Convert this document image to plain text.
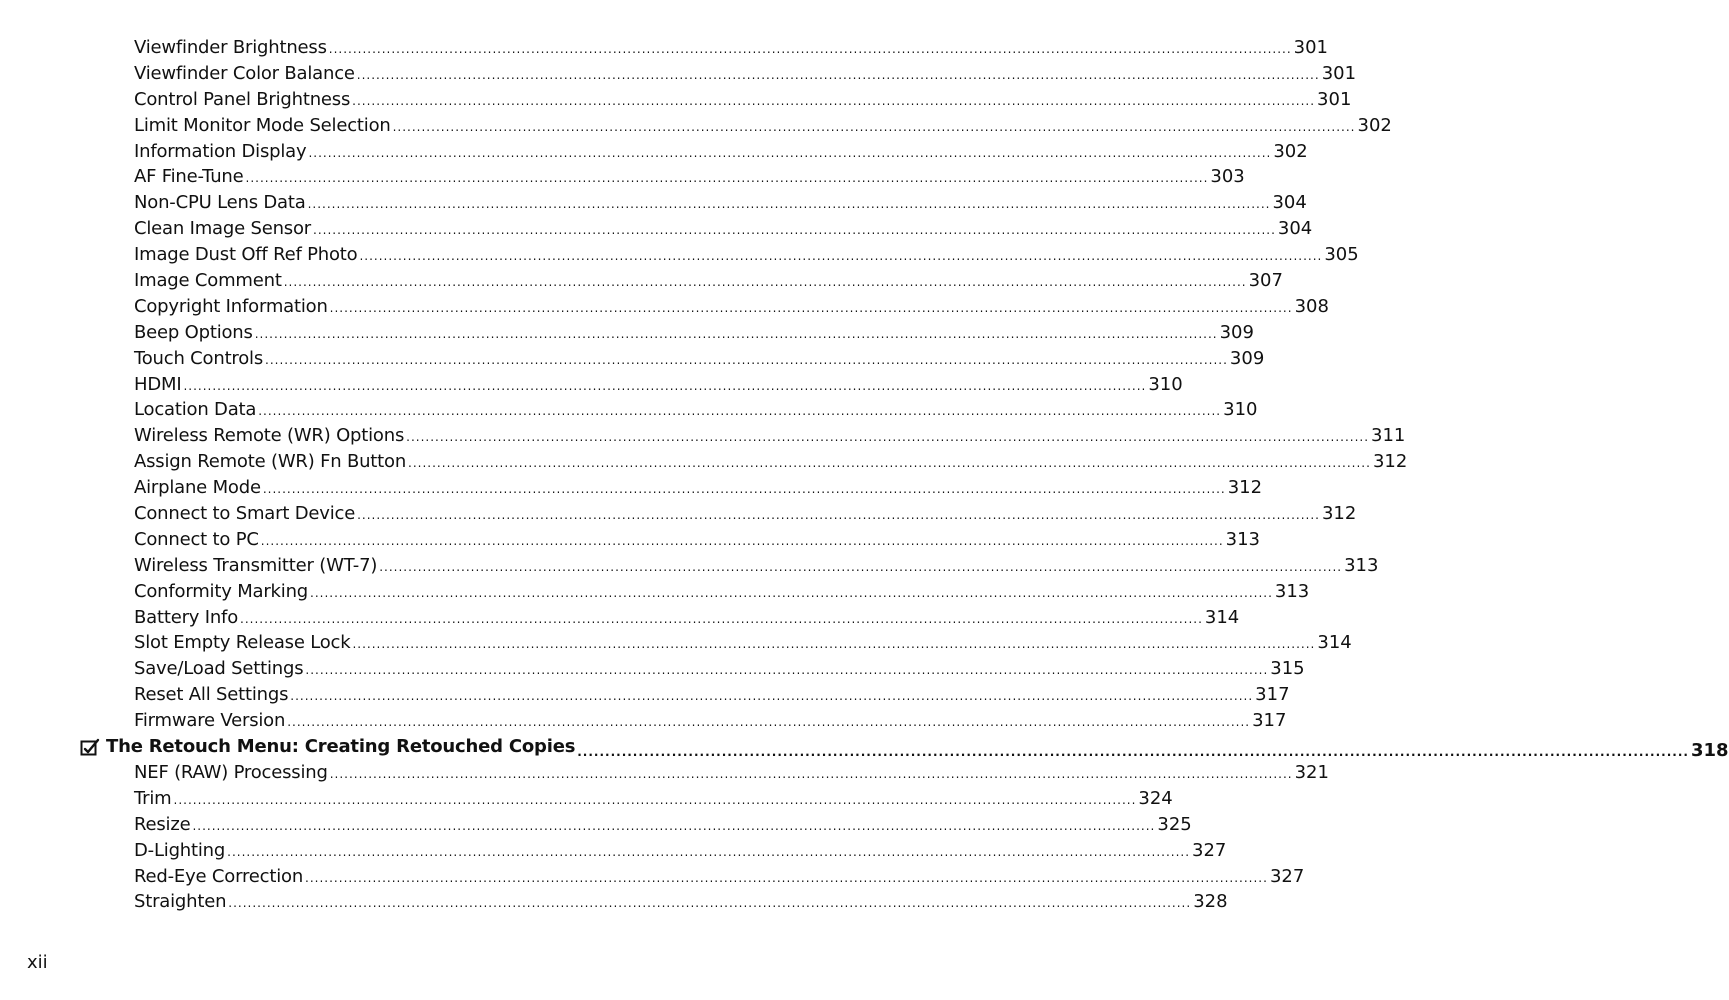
Viewfinder Brightness ........................................................................................................................................................................................................ 301
Viewfinder Color Balance ........................................................................................................................................................................................................ 301
Control Panel Brightness ........................................................................................................................................................................................................ 301
Limit Monitor Mode Selection ........................................................................................................................................................................................................ 302
Information Display ........................................................................................................................................................................................................ 302
AF Fine-Tune ........................................................................................................................................................................................................ 303
Non-CPU Lens Data ........................................................................................................................................................................................................ 304
Clean Image Sensor ........................................................................................................................................................................................................ 304
Image Dust Off Ref Photo ........................................................................................................................................................................................................ 305
Image Comment ........................................................................................................................................................................................................ 307
Copyright Information ........................................................................................................................................................................................................ 308
Beep Options ........................................................................................................................................................................................................ 309
Touch Controls ........................................................................................................................................................................................................ 309
HDMI ........................................................................................................................................................................................................ 310
Location Data ........................................................................................................................................................................................................ 310
Wireless Remote (WR) Options ........................................................................................................................................................................................................ 311
Assign Remote (WR) Fn Button ........................................................................................................................................................................................................ 312
Airplane Mode ........................................................................................................................................................................................................ 312
Connect to Smart Device ........................................................................................................................................................................................................ 312
Connect to PC ........................................................................................................................................................................................................ 313
Wireless Transmitter (WT-7) ........................................................................................................................................................................................................ 313
Conformity Marking ........................................................................................................................................................................................................ 313
Battery Info ........................................................................................................................................................................................................ 314
Slot Empty Release Lock ........................................................................................................................................................................................................ 314
Save/Load Settings ........................................................................................................................................................................................................ 315
Reset All Settings ........................................................................................................................................................................................................ 317
Firmware Version ........................................................................................................................................................................................................ 317
The Retouch Menu: Creating Retouched Copies ........................................................................................................................................................................................................ 318
NEF (RAW) Processing ........................................................................................................................................................................................................ 321
Trim ........................................................................................................................................................................................................ 324
Resize ........................................................................................................................................................................................................ 325
D-Lighting ........................................................................................................................................................................................................ 327
Red-Eye Correction ........................................................................................................................................................................................................ 327
Straighten ........................................................................................................................................................................................................ 328
xii
